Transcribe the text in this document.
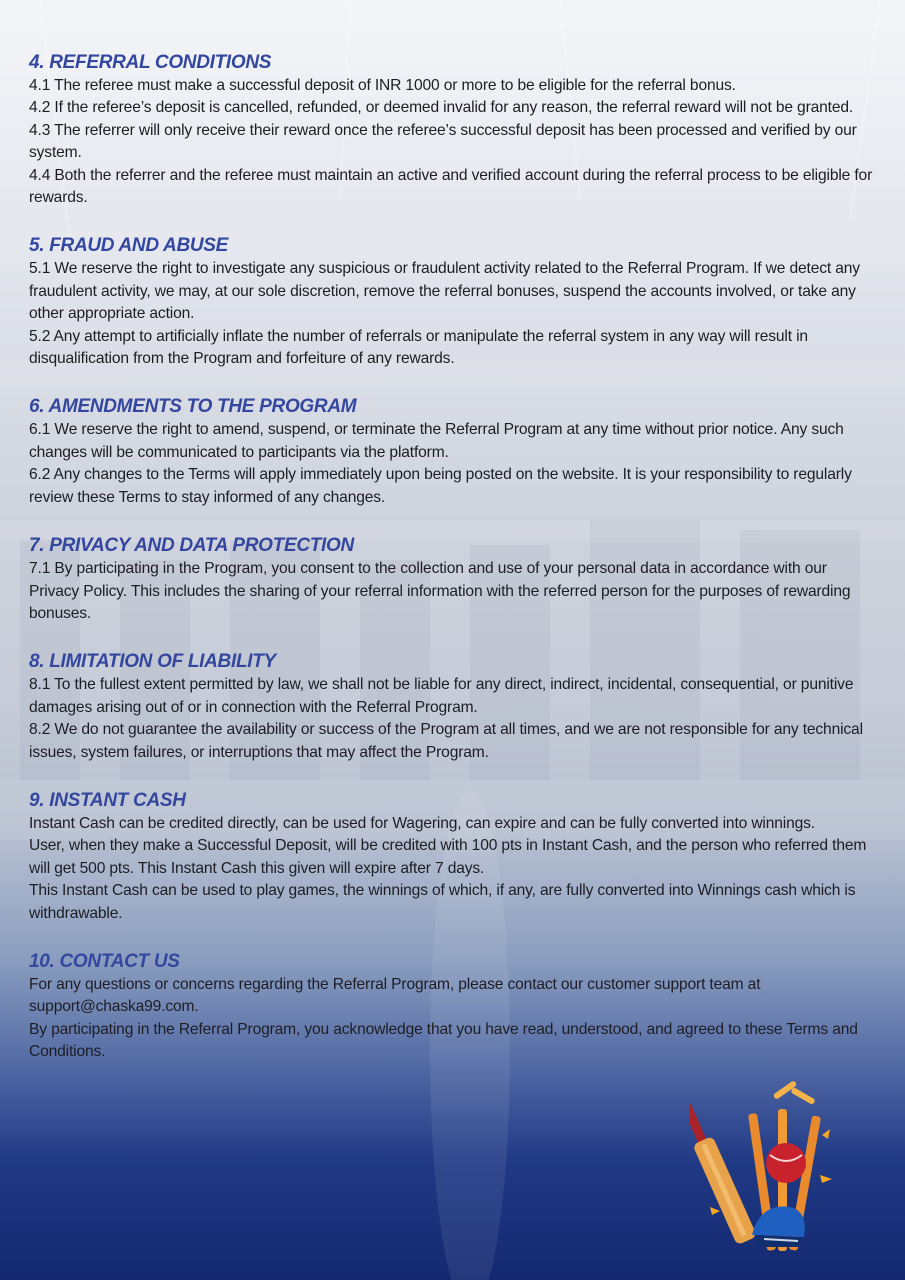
4. REFERRAL CONDITIONS

4.1 The referee must make a successful deposit of INR 1000 or more to be eligible for the referral bonus.

4.2 If the referee’s deposit is cancelled, refunded, or deemed invalid for any reason, the referral reward will not be granted.

4.3 The referrer will only receive their reward once the referee’s successful deposit has been processed and verified by our system.

4.4 Both the referrer and the referee must maintain an active and verified account during the referral process to be eligible for rewards.

5. FRAUD AND ABUSE

5.1 We reserve the right to investigate any suspicious or fraudulent activity related to the Referral Program. If we detect any fraudulent activity, we may, at our sole discretion, remove the referral bonuses, suspend the accounts involved, or take any other appropriate action.

5.2 Any attempt to artificially inflate the number of referrals or manipulate the referral system in any way will result in disqualification from the Program and forfeiture of any rewards.

6. AMENDMENTS TO THE PROGRAM

6.1 We reserve the right to amend, suspend, or terminate the Referral Program at any time without prior notice. Any such changes will be communicated to participants via the platform.

6.2 Any changes to the Terms will apply immediately upon being posted on the website. It is your responsibility to regularly review these Terms to stay informed of any changes.

7. PRIVACY AND DATA PROTECTION

7.1 By participating in the Program, you consent to the collection and use of your personal data in accordance with our Privacy Policy. This includes the sharing of your referral information with the referred person for the purposes of rewarding bonuses.

8. LIMITATION OF LIABILITY

8.1 To the fullest extent permitted by law, we shall not be liable for any direct, indirect, incidental, consequential, or punitive damages arising out of or in connection with the Referral Program.

8.2 We do not guarantee the availability or success of the Program at all times, and we are not responsible for any technical issues, system failures, or interruptions that may affect the Program.

9. INSTANT CASH

Instant Cash can be credited directly, can be used for Wagering, can expire and can be fully converted into winnings.

User, when they make a Successful Deposit, will be credited with 100 pts in Instant Cash, and the person who referred them will get 500 pts. This Instant Cash this given will expire after 7 days.

This Instant Cash can be used to play games, the winnings of which, if any, are fully converted into Winnings cash which is withdrawable.

10. CONTACT US

For any questions or concerns regarding the Referral Program, please contact our customer support team at support@chaska99.com.

By participating in the Referral Program, you acknowledge that you have read, understood, and agreed to these Terms and Conditions.
